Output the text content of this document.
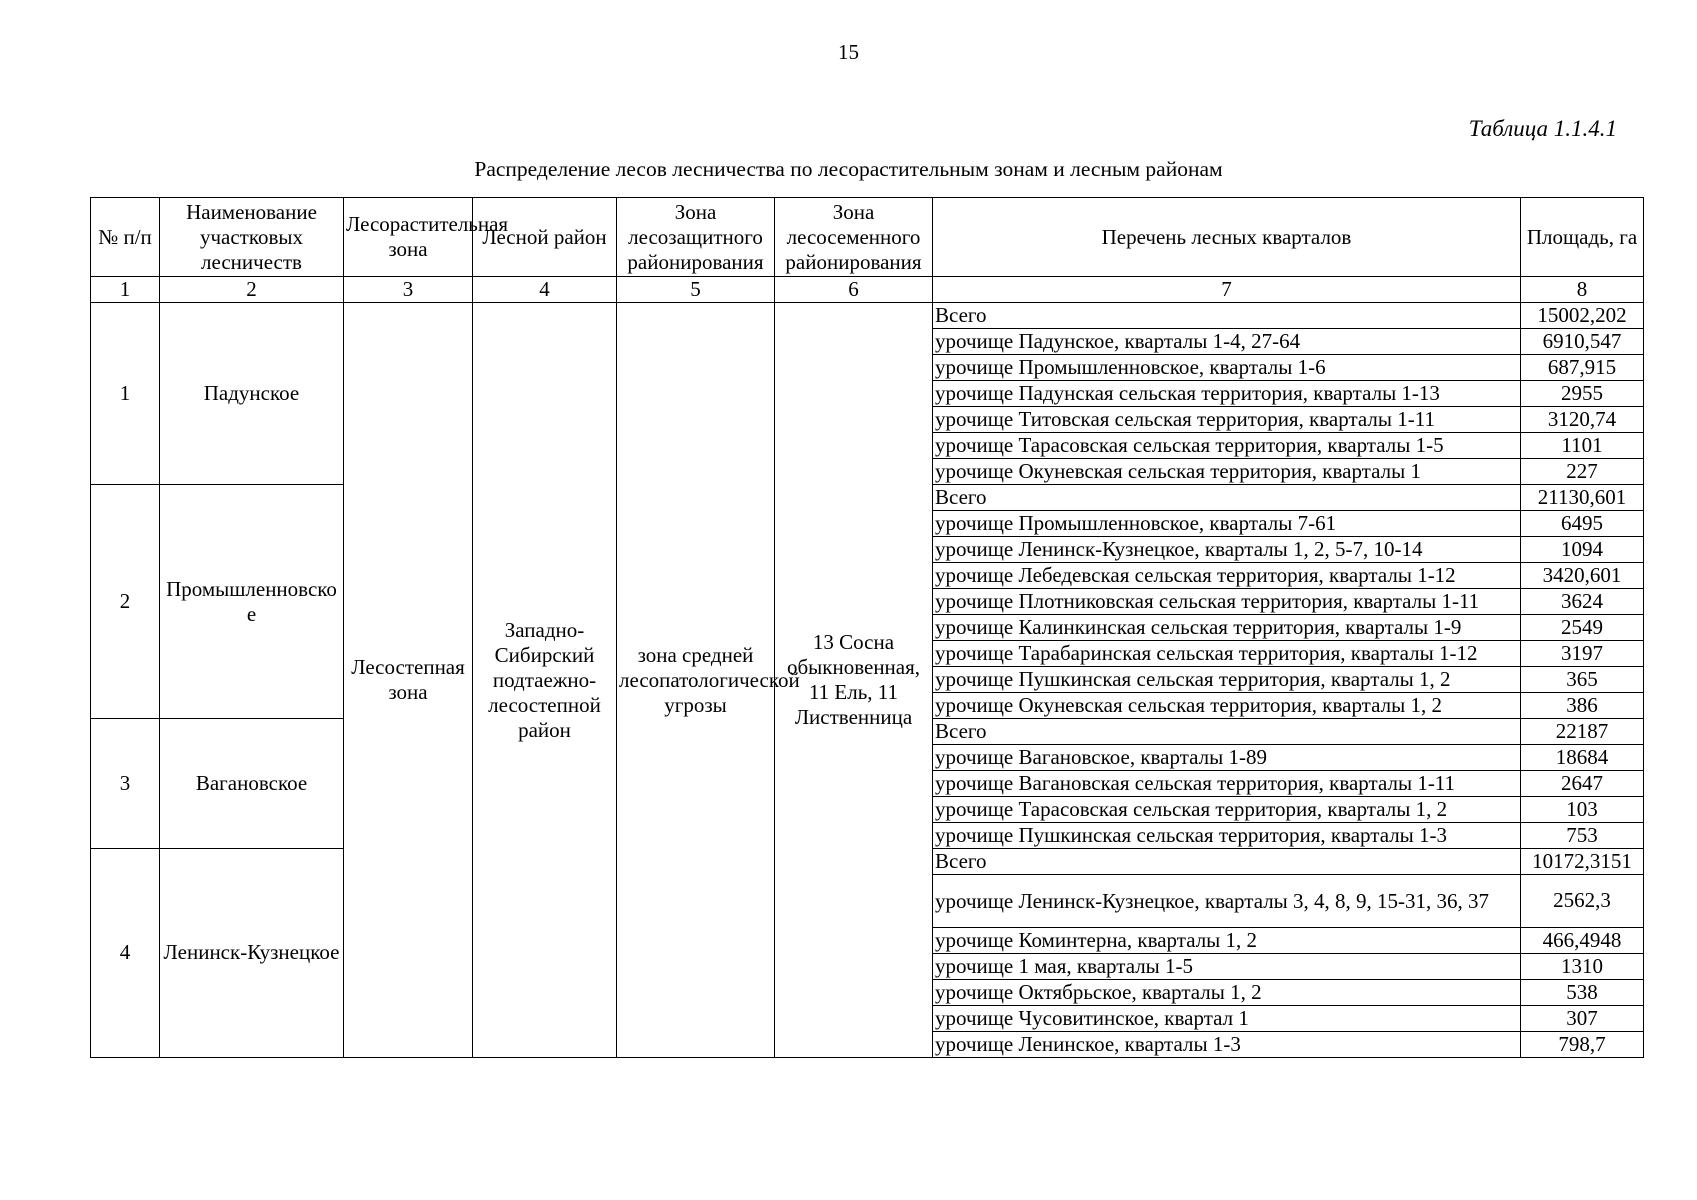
15
Таблица 1.1.4.1
Распределение лесов лесничества по лесорастительным зонам и лесным районам
№ п/п	Наименование участковых лесничеств	Лесорастительная зона	Лесной район	Зона лесозащитного районирования	Зона лесосеменного районирования	Перечень лесных кварталов	Площадь, га
1	2	3	4	5	6	7	8
1	Падунское	Лесостепная зона	Западно-Сибирский подтаежно-лесостепной район	зона средней лесопатологической угрозы	13 Сосна обыкновенная, 11 Ель, 11 Лиственница	Всего	15002,202
						урочище Падунское, кварталы 1-4, 27-64	6910,547
						урочище Промышленновское, кварталы 1-6	687,915
						урочище Падунская сельская территория, кварталы 1-13	2955
						урочище Титовская сельская территория, кварталы 1-11	3120,74
						урочище Тарасовская сельская территория, кварталы 1-5	1101
						урочище Окуневская сельская территория, кварталы 1	227
2	Промышленновское					Всего	21130,601
						урочище Промышленновское, кварталы 7-61	6495
						урочище Ленинск-Кузнецкое, кварталы 1, 2, 5-7, 10-14	1094
						урочище Лебедевская сельская территория, кварталы 1-12	3420,601
						урочище Плотниковская сельская территория, кварталы 1-11	3624
						урочище Калинкинская сельская территория, кварталы 1-9	2549
						урочище Тарабаринская сельская территория, кварталы 1-12	3197
						урочище Пушкинская сельская территория, кварталы 1, 2	365
						урочище Окуневская сельская территория, кварталы 1, 2	386
3	Вагановское					Всего	22187
						урочище Вагановское, кварталы 1-89	18684
						урочище Вагановская сельская территория, кварталы 1-11	2647
						урочище Тарасовская сельская территория, кварталы 1, 2	103
						урочище Пушкинская сельская территория, кварталы 1-3	753
4	Ленинск-Кузнецкое					Всего	10172,3151
						урочище Ленинск-Кузнецкое, кварталы 3, 4, 8, 9, 15-31, 36, 37	2562,3
						урочище Коминтерна, кварталы 1, 2	466,4948
						урочище 1 мая, кварталы 1-5	1310
						урочище Октябрьское, кварталы 1, 2	538
						урочище Чусовитинское, квартал 1	307
						урочище Ленинское, кварталы 1-3	798,7
